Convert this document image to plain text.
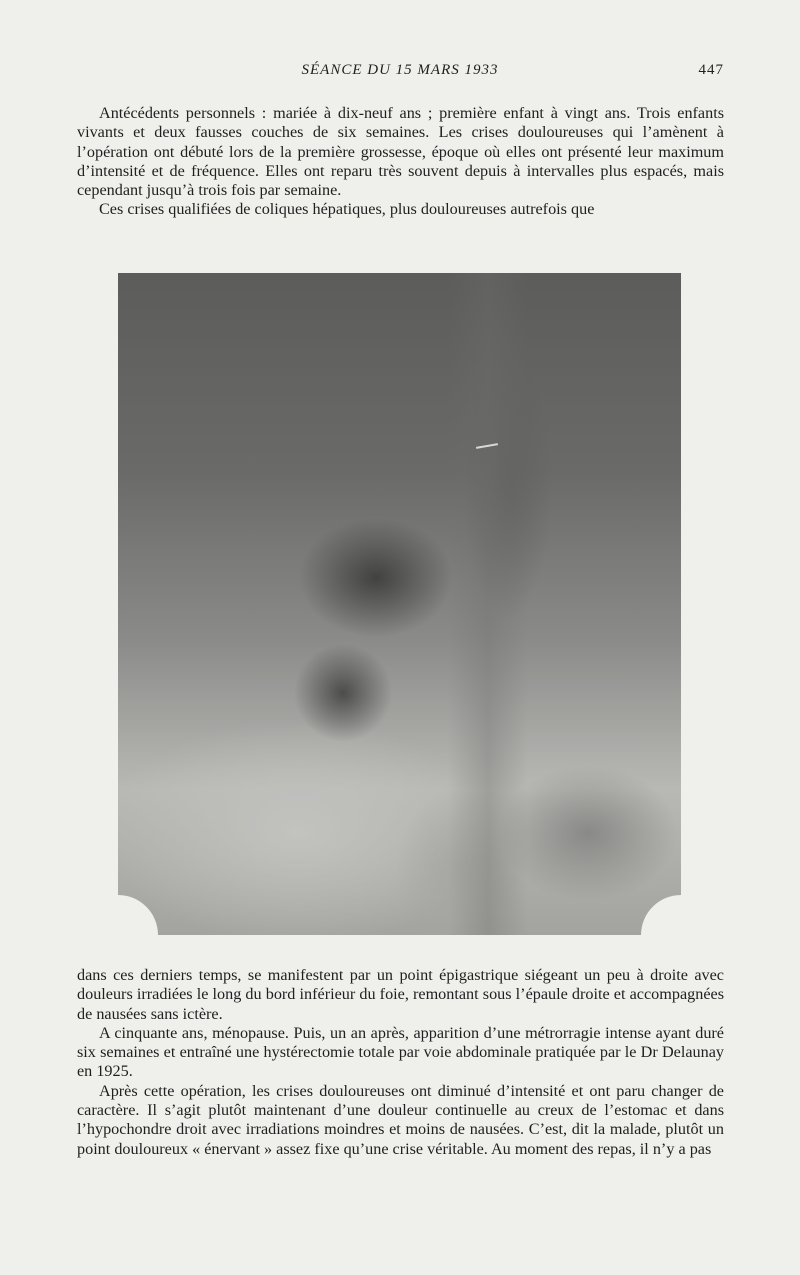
SÉANCE DU 15 MARS 1933	447

Antécédents personnels : mariée à dix-neuf ans ; première enfant à vingt ans. Trois enfants vivants et deux fausses couches de six semaines. Les crises douloureuses qui l’amènent à l’opération ont débuté lors de la première grossesse, époque où elles ont présenté leur maximum d’intensité et de fréquence. Elles ont reparu très souvent depuis à intervalles plus espacés, mais cependant jusqu’à trois fois par semaine.

Ces crises qualifiées de coliques hépatiques, plus douloureuses autrefois que

dans ces derniers temps, se manifestent par un point épigastrique siégeant un peu à droite avec douleurs irradiées le long du bord inférieur du foie, remontant sous l’épaule droite et accompagnées de nausées sans ictère.

A cinquante ans, ménopause. Puis, un an après, apparition d’une métrorragie intense ayant duré six semaines et entraîné une hystérectomie totale par voie abdominale pratiquée par le Dr Delaunay en 1925.

Après cette opération, les crises douloureuses ont diminué d’intensité et ont paru changer de caractère. Il s’agit plutôt maintenant d’une douleur continuelle au creux de l’estomac et dans l’hypochondre droit avec irradiations moindres et moins de nausées. C’est, dit la malade, plutôt un point douloureux « énervant » assez fixe qu’une crise véritable. Au moment des repas, il n’y a pas
